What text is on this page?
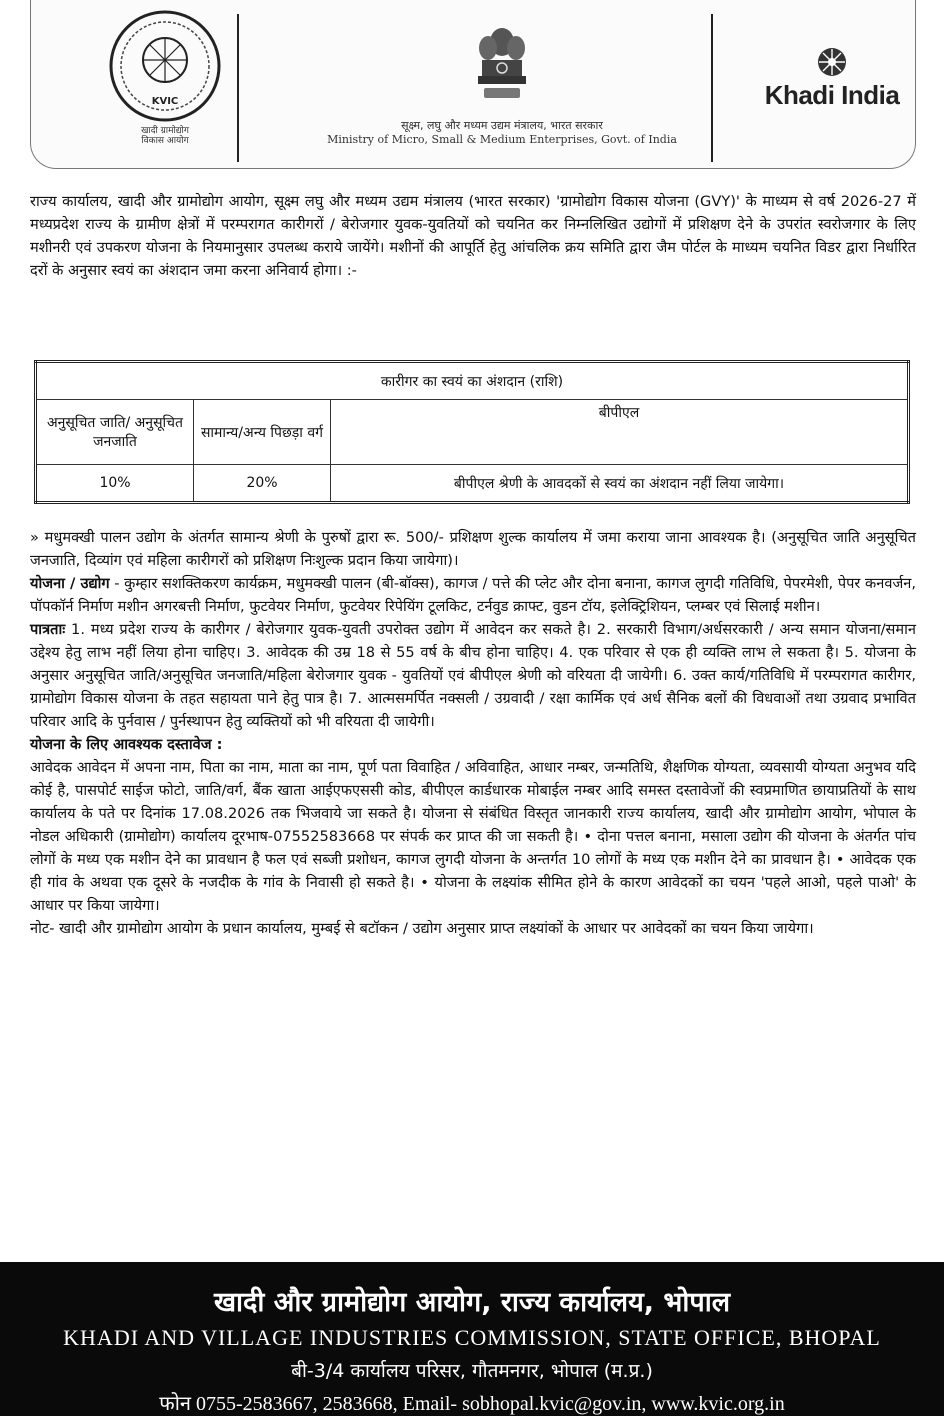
KVIC
खादी ग्रामोद्योग
विकास आयोग
सूक्ष्म, लघु और मध्यम उद्यम मंत्रालय, भारत सरकार
Ministry of Micro, Small & Medium Enterprises, Govt. of India
Khadi India
राज्य कार्यालय, खादी और ग्रामोद्योग आयोग, सूक्ष्म लघु और मध्यम उद्यम मंत्रालय (भारत सरकार) 'ग्रामोद्योग विकास योजना (GVY)' के माध्यम से वर्ष 2026-27 में मध्यप्रदेश राज्य के ग्रामीण क्षेत्रों में परम्परागत कारीगरों / बेरोजगार युवक-युवतियों को चयनित कर निम्नलिखित उद्योगों में प्रशिक्षण देने के उपरांत स्वरोजगार के लिए मशीनरी एवं उपकरण योजना के नियमानुसार उपलब्ध कराये जायेंगे। मशीनों की आपूर्ति हेतु आंचलिक क्रय समिति द्वारा जैम पोर्टल के माध्यम चयनित विडर द्वारा निर्धारित दरों के अनुसार स्वयं का अंशदान जमा करना अनिवार्य होगा। :-
कारीगर का स्वयं का अंशदान (राशि)		
अनुसूचित जाति/ अनुसूचित जनजाति	सामान्य/अन्य पिछड़ा वर्ग	बीपीएल
10%	20%	बीपीएल श्रेणी के आवदकों से स्वयं का अंशदान नहीं लिया जायेगा।

» मधुमक्खी पालन उद्योग के अंतर्गत सामान्य श्रेणी के पुरुषों द्वारा रू. 500/- प्रशिक्षण शुल्क कार्यालय में जमा कराया जाना आवश्यक है। (अनुसूचित जाति अनुसूचित जनजाति, दिव्यांग एवं महिला कारीगरों को प्रशिक्षण निःशुल्क प्रदान किया जायेगा)।

योजना / उद्योग - कुम्हार सशक्तिकरण कार्यक्रम, मधुमक्खी पालन (बी-बॉक्स), कागज / पत्ते की प्लेट और दोना बनाना, कागज लुगदी गतिविधि, पेपरमेशी, पेपर कनवर्जन, पॉपकॉर्न निर्माण मशीन अगरबत्ती निर्माण, फुटवेयर निर्माण, फुटवेयर रिपेयिंग टूलकिट, टर्नवुड क्राफ्ट, वुडन टॉय, इलेक्ट्रिशियन, प्लम्बर एवं सिलाई मशीन।

पात्रताः 1. मध्य प्रदेश राज्य के कारीगर / बेरोजगार युवक-युवती उपरोक्त उद्योग में आवेदन कर सकते है। 2. सरकारी विभाग/अर्धसरकारी / अन्य समान योजना/समान उद्देश्य हेतु लाभ नहीं लिया होना चाहिए। 3. आवेदक की उम्र 18 से 55 वर्ष के बीच होना चाहिए। 4. एक परिवार से एक ही व्यक्ति लाभ ले सकता है। 5. योजना के अनुसार अनुसूचित जाति/अनुसूचित जनजाति/महिला बेरोजगार युवक - युवतियों एवं बीपीएल श्रेणी को वरियता दी जायेगी। 6. उक्त कार्य/गतिविधि में परम्परागत कारीगर, ग्रामोद्योग विकास योजना के तहत सहायता पाने हेतु पात्र है। 7. आत्मसमर्पित नक्सली / उग्रवादी / रक्षा कार्मिक एवं अर्ध सैनिक बलों की विधवाओं तथा उग्रवाद प्रभावित परिवार आदि के पुर्नवास / पुर्नस्थापन हेतु व्यक्तियों को भी वरियता दी जायेगी।

योजना के लिए आवश्यक दस्तावेज :

आवेदक आवेदन में अपना नाम, पिता का नाम, माता का नाम, पूर्ण पता विवाहित / अविवाहित, आधार नम्बर, जन्मतिथि, शैक्षणिक योग्यता, व्यवसायी योग्यता अनुभव यदि कोई है, पासपोर्ट साईज फोटो, जाति/वर्ग, बैंक खाता आईएफएससी कोड, बीपीएल कार्डधारक मोबाईल नम्बर आदि समस्त दस्तावेजों की स्वप्रमाणित छायाप्रतियों के साथ कार्यालय के पते पर दिनांक 17.08.2026 तक भिजवाये जा सकते है। योजना से संबंधित विस्तृत जानकारी राज्य कार्यालय, खादी और ग्रामोद्योग आयोग, भोपाल के नोडल अधिकारी (ग्रामोद्योग) कार्यालय दूरभाष-07552583668 पर संपर्क कर प्राप्त की जा सकती है। • दोना पत्तल बनाना, मसाला उद्योग की योजना के अंतर्गत पांच लोगों के मध्य एक मशीन देने का प्रावधान है फल एवं सब्जी प्रशोधन, कागज लुगदी योजना के अन्तर्गत 10 लोगों के मध्य एक मशीन देने का प्रावधान है। • आवेदक एक ही गांव के अथवा एक दूसरे के नजदीक के गांव के निवासी हो सकते है। • योजना के लक्ष्यांक सीमित होने के कारण आवेदकों का चयन 'पहले आओ, पहले पाओ' के आधार पर किया जायेगा।

नोट- खादी और ग्रामोद्योग आयोग के प्रधान कार्यालय, मुम्बई से बटॉकन / उद्योग अनुसार प्राप्त लक्ष्यांकों के आधार पर आवेदकों का चयन किया जायेगा।

खादी और ग्रामोद्योग आयोग, राज्य कार्यालय, भोपाल
KHADI AND VILLAGE INDUSTRIES COMMISSION, STATE OFFICE, BHOPAL
बी-3/4 कार्यालय परिसर, गौतमनगर, भोपाल (म.प्र.)
फोन 0755-2583667, 2583668, Email- sobhopal.kvic@gov.in, www.kvic.org.in
